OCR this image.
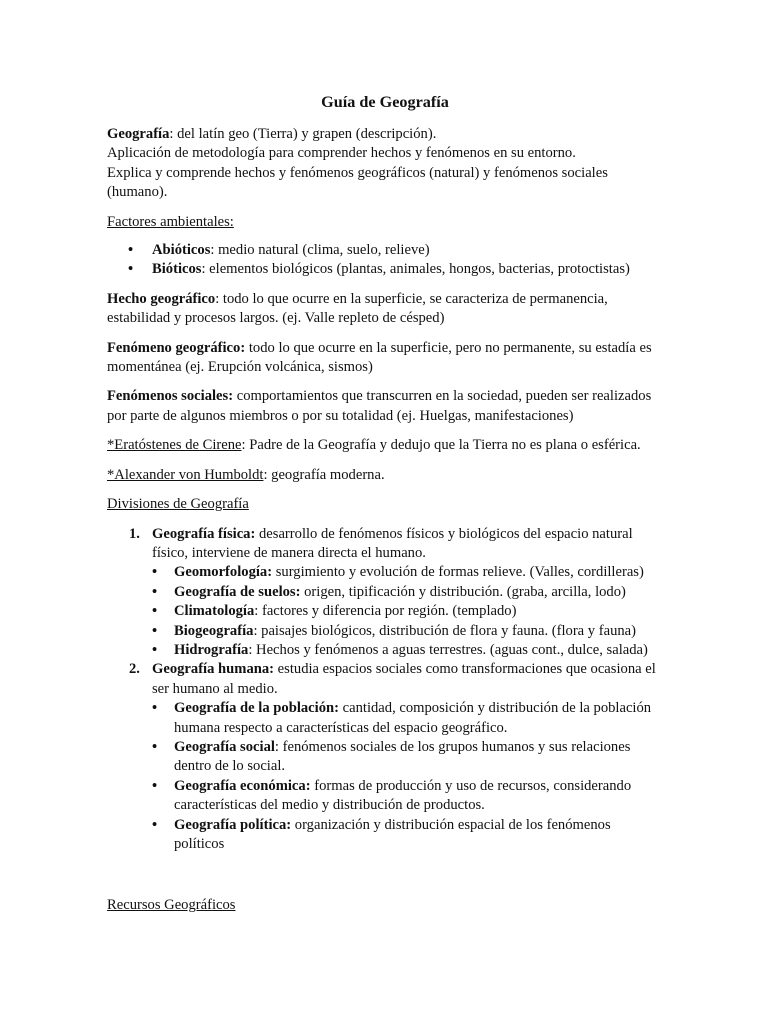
Guía de Geografía

Geografía: del latín geo (Tierra) y grapen (descripción).
Aplicación de metodología para comprender hechos y fenómenos en su entorno.
Explica y comprende hechos y fenómenos geográficos (natural) y fenómenos sociales (humano).

Factores ambientales:

• Abióticos: medio natural (clima, suelo, relieve)
• Bióticos: elementos biológicos (plantas, animales, hongos, bacterias, protoctistas)

Hecho geográfico: todo lo que ocurre en la superficie, se caracteriza de permanencia, estabilidad y procesos largos. (ej. Valle repleto de césped)

Fenómeno geográfico: todo lo que ocurre en la superficie, pero no permanente, su estadía es momentánea (ej. Erupción volcánica, sismos)

Fenómenos sociales: comportamientos que transcurren en la sociedad, pueden ser realizados por parte de algunos miembros o por su totalidad (ej. Huelgas, manifestaciones)

*Eratóstenes de Cirene: Padre de la Geografía y dedujo que la Tierra no es plana o esférica.

*Alexander von Humboldt: geografía moderna.

Divisiones de Geografía

1. Geografía física: desarrollo de fenómenos físicos y biológicos del espacio natural físico, interviene de manera directa el humano.
• Geomorfología: surgimiento y evolución de formas relieve. (Valles, cordilleras)
• Geografía de suelos: origen, tipificación y distribución. (graba, arcilla, lodo)
• Climatología: factores y diferencia por región. (templado)
• Biogeografía: paisajes biológicos, distribución de flora y fauna. (flora y fauna)
• Hidrografía: Hechos y fenómenos a aguas terrestres. (aguas cont., dulce, salada)
2. Geografía humana: estudia espacios sociales como transformaciones que ocasiona el ser humano al medio.
• Geografía de la población: cantidad, composición y distribución de la población humana respecto a características del espacio geográfico.
• Geografía social: fenómenos sociales de los grupos humanos y sus relaciones dentro de lo social.
• Geografía económica: formas de producción y uso de recursos, considerando características del medio y distribución de productos.
• Geografía política: organización y distribución espacial de los fenómenos políticos

Recursos Geográficos
